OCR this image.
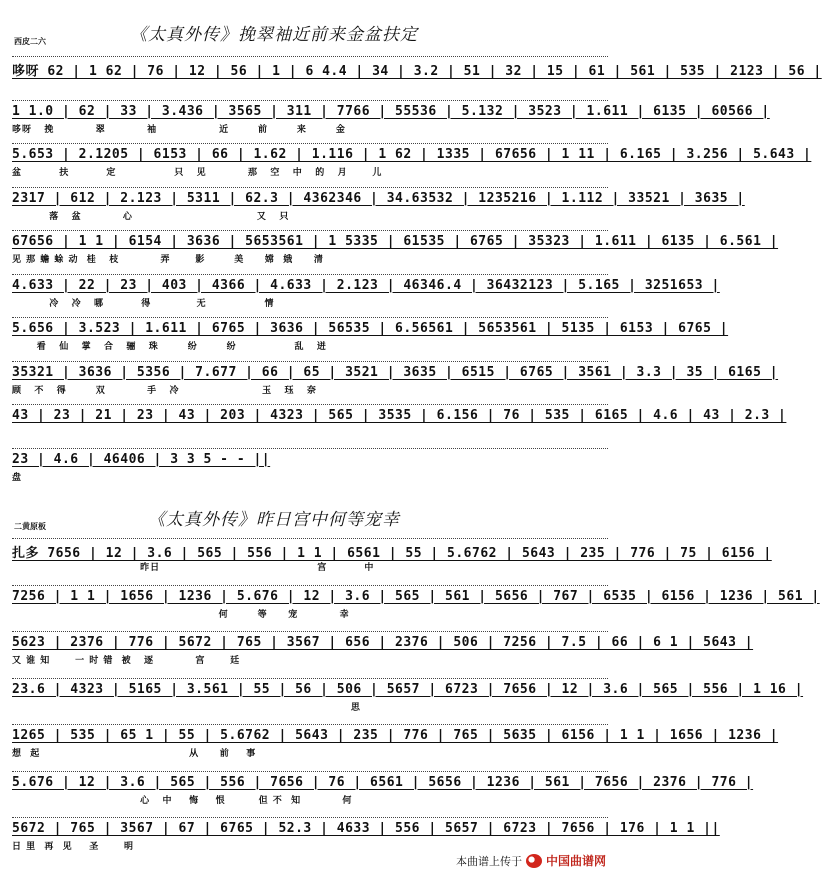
《太真外传》挽翠袖近前来金盆扶定
西皮二六
哆呀 62 | 1 62 | 76 | 12 | 56 | 1 | 6 4.4 | 34 | 3.2 | 51 | 32 | 15 | 61 | 561 | 535 | 2123 | 56 |
1 1.0 | 62 | 33 | 3.436 | 3565 | 311 | 7766 | 55536 | 5.132 | 3523 | 1.611 | 6135 | 60566 |
哆呀   挽          翠          袖               近       前       来       金
5.653 | 2.1205 | 6153 | 66 | 1.62 | 1.116 | 1 62 | 1335 | 67656 | 1 11 | 6.165 | 3.256 | 5.643 |
盆         扶         定              只   见          那   空   中   的   月      儿
2317 | 612 | 2.123 | 5311 | 62.3 | 4362346 | 34.63532 | 1235216 | 1.112 | 33521 | 3635 |
落   盆          心                              又   只
67656 | 1 1 | 6154 | 3636 | 5653561 | 1 5335 | 61535 | 6765 | 35323 | 1.611 | 6135 | 6.561 |
见 那 蟾 蜍 动  桂   枝          弄      影       美     嫦  娥     清
4.633 | 22 | 23 | 403 | 4366 | 4.633 | 2.123 | 46346.4 | 36432123 | 5.165 | 3251653 |
冷   冷   哪         得           无              情
5.656 | 3.523 | 1.611 | 6765 | 3636 | 56535 | 6.56561 | 5653561 | 5135 | 6153 | 6765 |
看   仙   掌   合   骊   珠       纷       纷              乱   迸
35321 | 3636 | 5356 | 7.677 | 66 | 65 | 3521 | 3635 | 6515 | 6765 | 3561 | 3.3 | 35 | 6165 |
顾   不   得       双          手   冷                    玉   珏   奈
43 | 23 | 21 | 23 | 43 | 203 | 4323 | 565 | 3535 | 6.156 | 76 | 535 | 6165 | 4.6 | 43 | 2.3 |
23 | 4.6 | 46406 | 3 3 5 - - ||
盘
《太真外传》昨日宫中何等宠幸
二黄原板
扎多 7656 | 12 | 3.6 | 565 | 556 | 1 1 | 6561 | 55 | 5.6762 | 5643 | 235 | 776 | 75 | 6156 |
昨日                                      宫         中
7256 | 1 1 | 1656 | 1236 | 5.676 | 12 | 3.6 | 565 | 561 | 5656 | 767 | 6535 | 6156 | 1236 | 561 |
何       等     宠          幸
5623 | 2376 | 776 | 5672 | 765 | 3567 | 656 | 2376 | 506 | 7256 | 7.5 | 66 | 6 1 | 5643 |
又 谁 知      一 时 错  被   逐          宫      廷
23.6 | 4323 | 5165 | 3.561 | 55 | 56 | 506 | 5657 | 6723 | 7656 | 12 | 3.6 | 565 | 556 | 1 16 |
思
1265 | 535 | 65 1 | 55 | 5.6762 | 5643 | 235 | 776 | 765 | 5635 | 6156 | 1 1 | 1656 | 1236 |
想  起                                    从     前    事
5.676 | 12 | 3.6 | 565 | 556 | 7656 | 76 | 6561 | 5656 | 1236 | 561 | 7656 | 2376 | 776 |
心   中    悔    恨        但 不  知          何
5672 | 765 | 3567 | 67 | 6765 | 52.3 | 4633 | 556 | 5657 | 6723 | 7656 | 176 | 1 1 ||
日 里  再  见    圣      明
本曲谱上传于 中国曲谱网
